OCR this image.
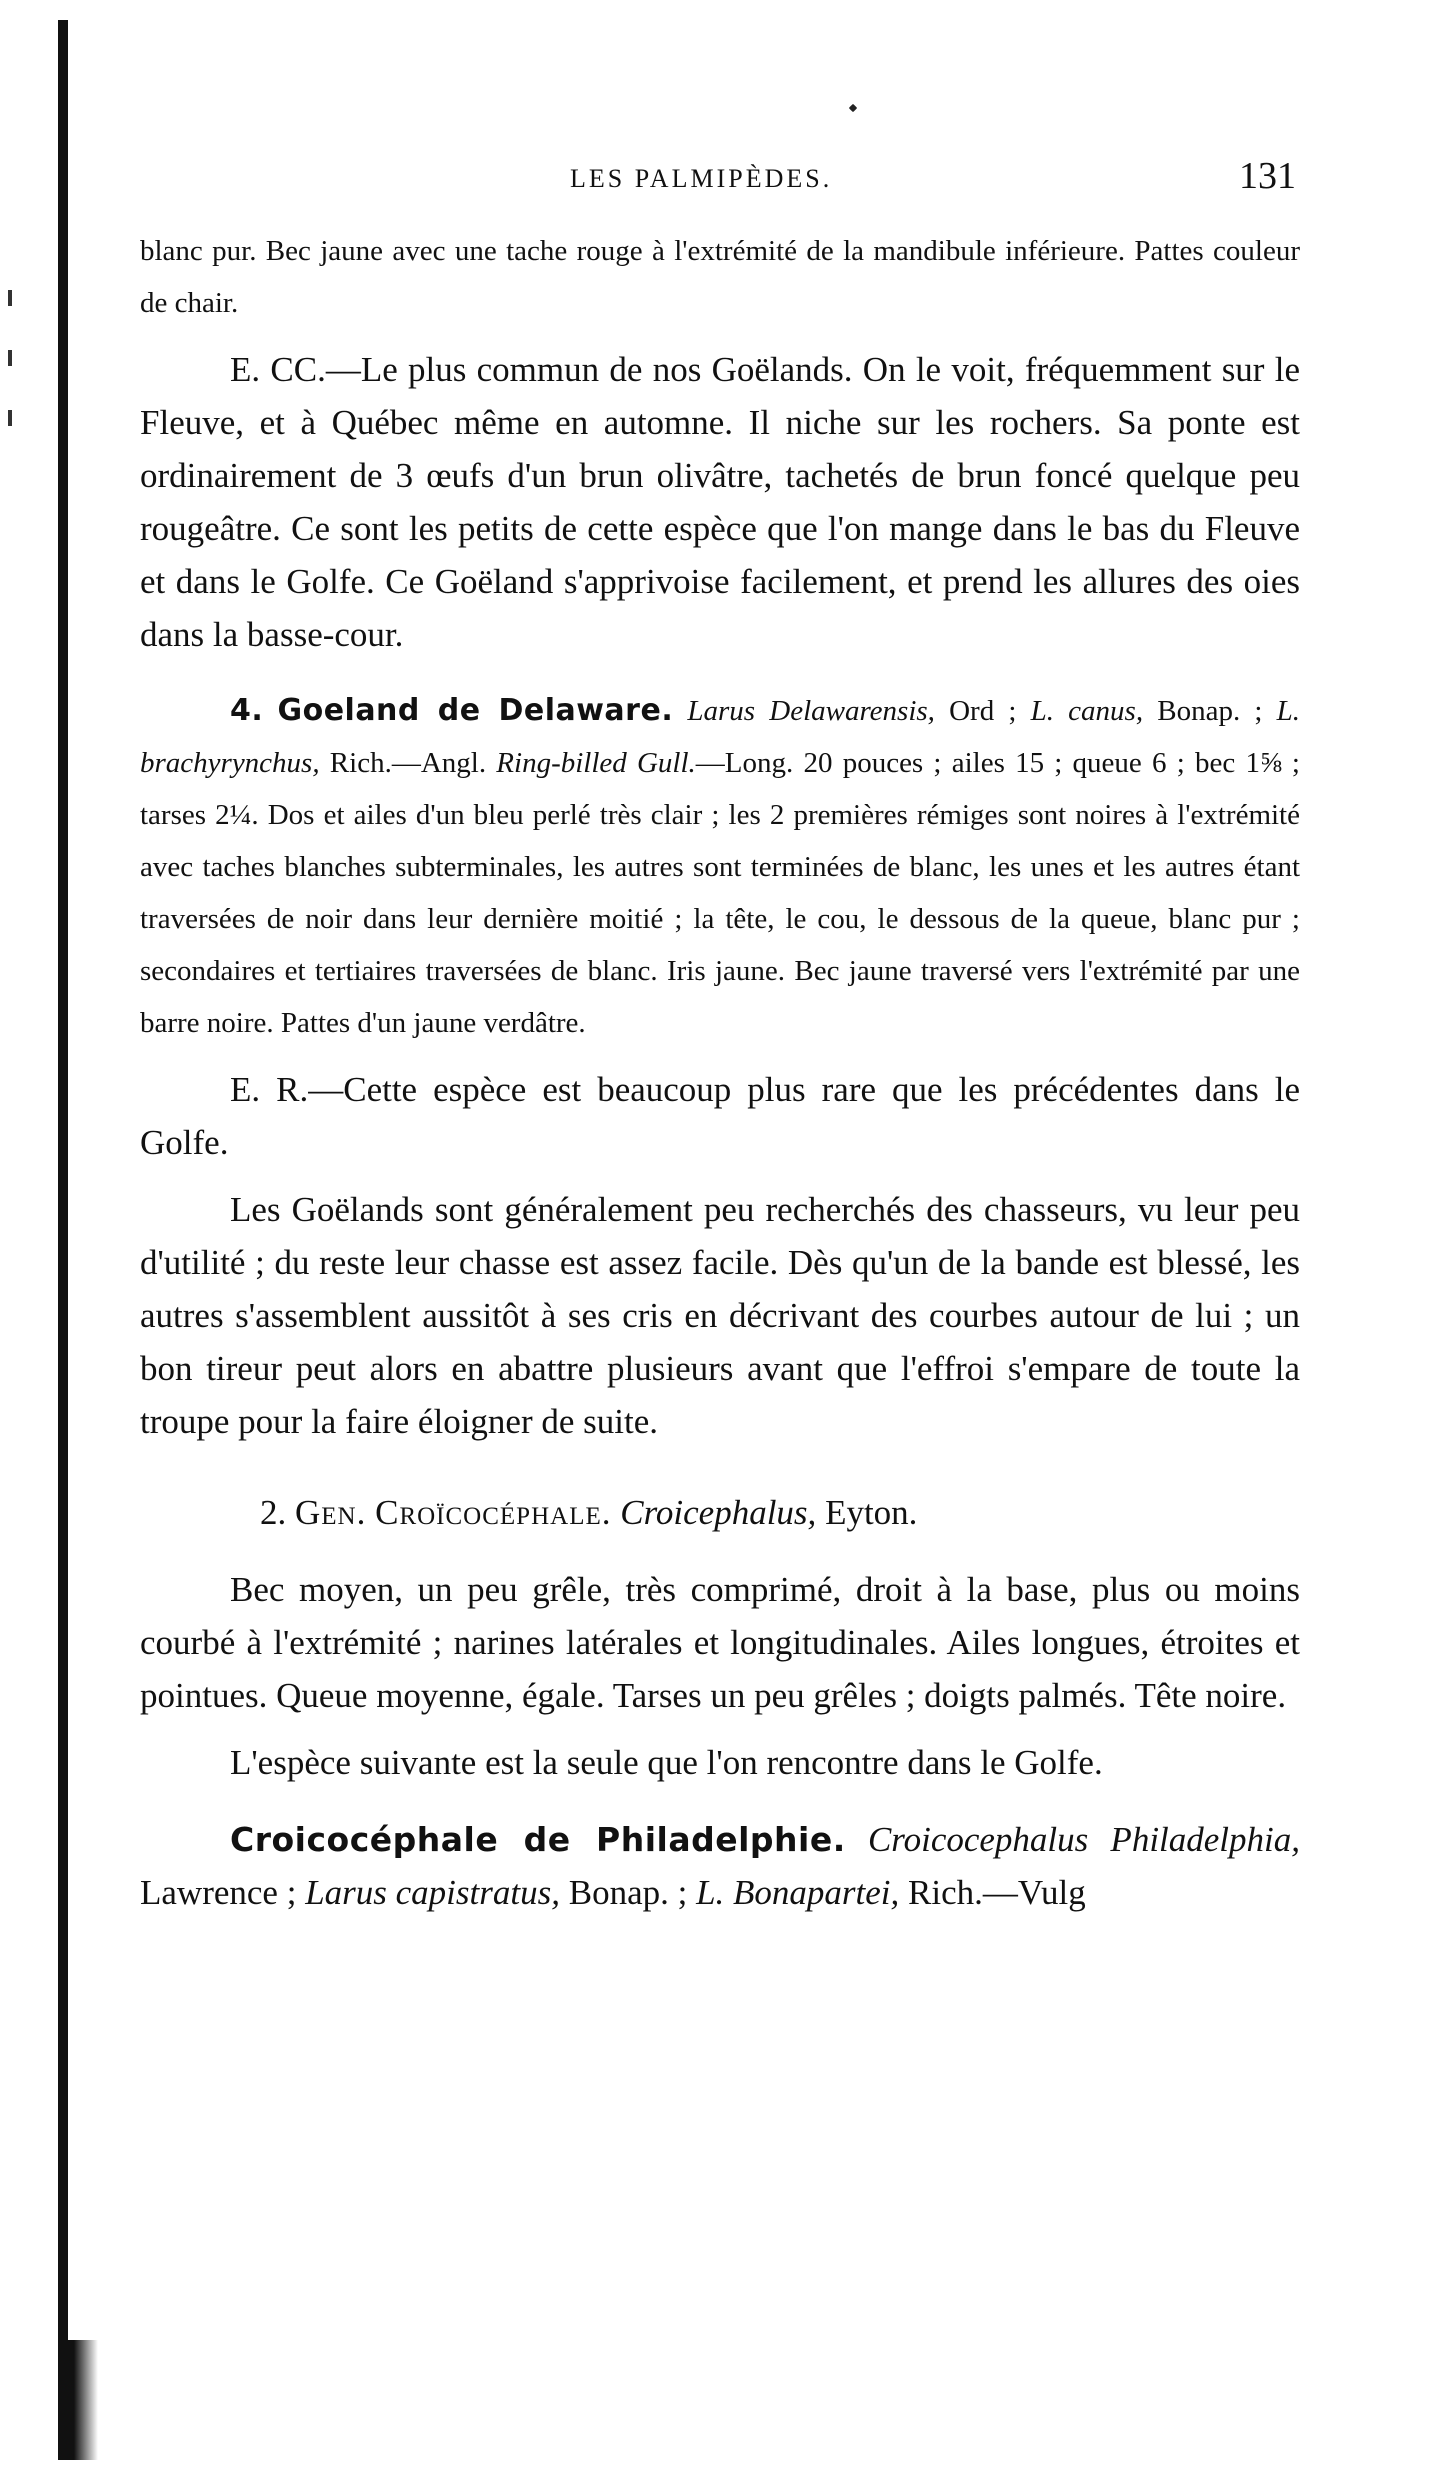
LES PALMIPÈDES.	131

blanc pur. Bec jaune avec une tache rouge à l'extrémité de la mandibule inférieure. Pattes couleur de chair.

E. CC.—Le plus commun de nos Goëlands. On le voit, fréquemment sur le Fleuve, et à Québec même en automne. Il niche sur les rochers. Sa ponte est ordinairement de 3 œufs d'un brun olivâtre, tachetés de brun foncé quelque peu rougeâtre. Ce sont les petits de cette espèce que l'on mange dans le bas du Fleuve et dans le Golfe. Ce Goëland s'apprivoise facilement, et prend les allures des oies dans la basse-cour.

4. Goeland de Delaware. Larus Delawarensis, Ord ; L. canus, Bonap. ; L. brachyrynchus, Rich.—Angl. Ring-billed Gull.—Long. 20 pouces ; ailes 15 ; queue 6 ; bec 1⅝ ; tarses 2¼. Dos et ailes d'un bleu perlé très clair ; les 2 premières rémiges sont noires à l'extrémité avec taches blanches subterminales, les autres sont terminées de blanc, les unes et les autres étant traversées de noir dans leur dernière moitié ; la tête, le cou, le dessous de la queue, blanc pur ; secondaires et tertiaires traversées de blanc. Iris jaune. Bec jaune traversé vers l'extrémité par une barre noire. Pattes d'un jaune verdâtre.

E. R.—Cette espèce est beaucoup plus rare que les précédentes dans le Golfe.

Les Goëlands sont généralement peu recherchés des chasseurs, vu leur peu d'utilité ; du reste leur chasse est assez facile. Dès qu'un de la bande est blessé, les autres s'assemblent aussitôt à ses cris en décrivant des courbes autour de lui ; un bon tireur peut alors en abattre plusieurs avant que l'effroi s'empare de toute la troupe pour la faire éloigner de suite.

2. Gen. Croïcocéphale. Croicephalus, Eyton.

Bec moyen, un peu grêle, très comprimé, droit à la base, plus ou moins courbé à l'extrémité ; narines latérales et longitudinales. Ailes longues, étroites et pointues. Queue moyenne, égale. Tarses un peu grêles ; doigts palmés. Tête noire.

L'espèce suivante est la seule que l'on rencontre dans le Golfe.

Croicocéphale de Philadelphie. Croicocephalus Philadelphia, Lawrence ; Larus capistratus, Bonap. ; L. Bonapartei, Rich.—Vulg
